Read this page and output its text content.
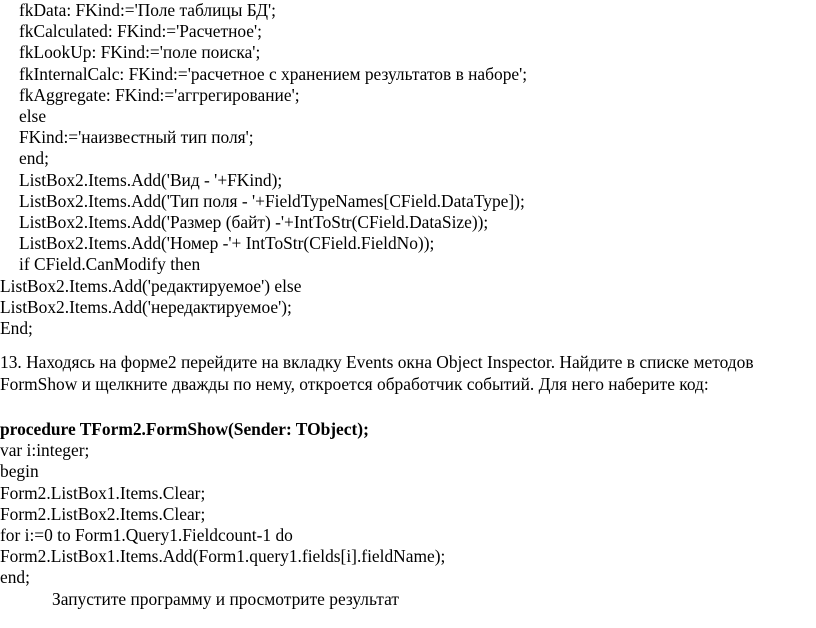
fkData: FKind:='Поле таблицы БД';
fkCalculated: FKind:='Расчетное';
fkLookUp: FKind:='поле поиска';
fkInternalCalc: FKind:='расчетное с хранением результатов в наборе';
fkAggregate: FKind:='аггрегирование';
else
FKind:='наизвестный тип поля';
end;
ListBox2.Items.Add('Вид - '+FKind);
ListBox2.Items.Add('Тип поля - '+FieldTypeNames[CField.DataType]);
ListBox2.Items.Add('Размер (байт) -'+IntToStr(CField.DataSize));
ListBox2.Items.Add('Номер -'+ IntToStr(CField.FieldNo));
if CField.CanModify then
ListBox2.Items.Add('редактируемое') else
ListBox2.Items.Add('нередактируемое');
End;
13. Находясь на форме2 перейдите на вкладку Events окна Object Inspector. Найдите в списке методов FormShow и щелкните дважды по нему, откроется обработчик событий. Для него наберите код:
procedure TForm2.FormShow(Sender: TObject);
var i:integer;
begin
Form2.ListBox1.Items.Clear;
Form2.ListBox2.Items.Clear;
for i:=0 to Form1.Query1.Fieldcount-1 do
Form2.ListBox1.Items.Add(Form1.query1.fields[i].fieldName);
end;
Запустите программу и просмотрите результат
